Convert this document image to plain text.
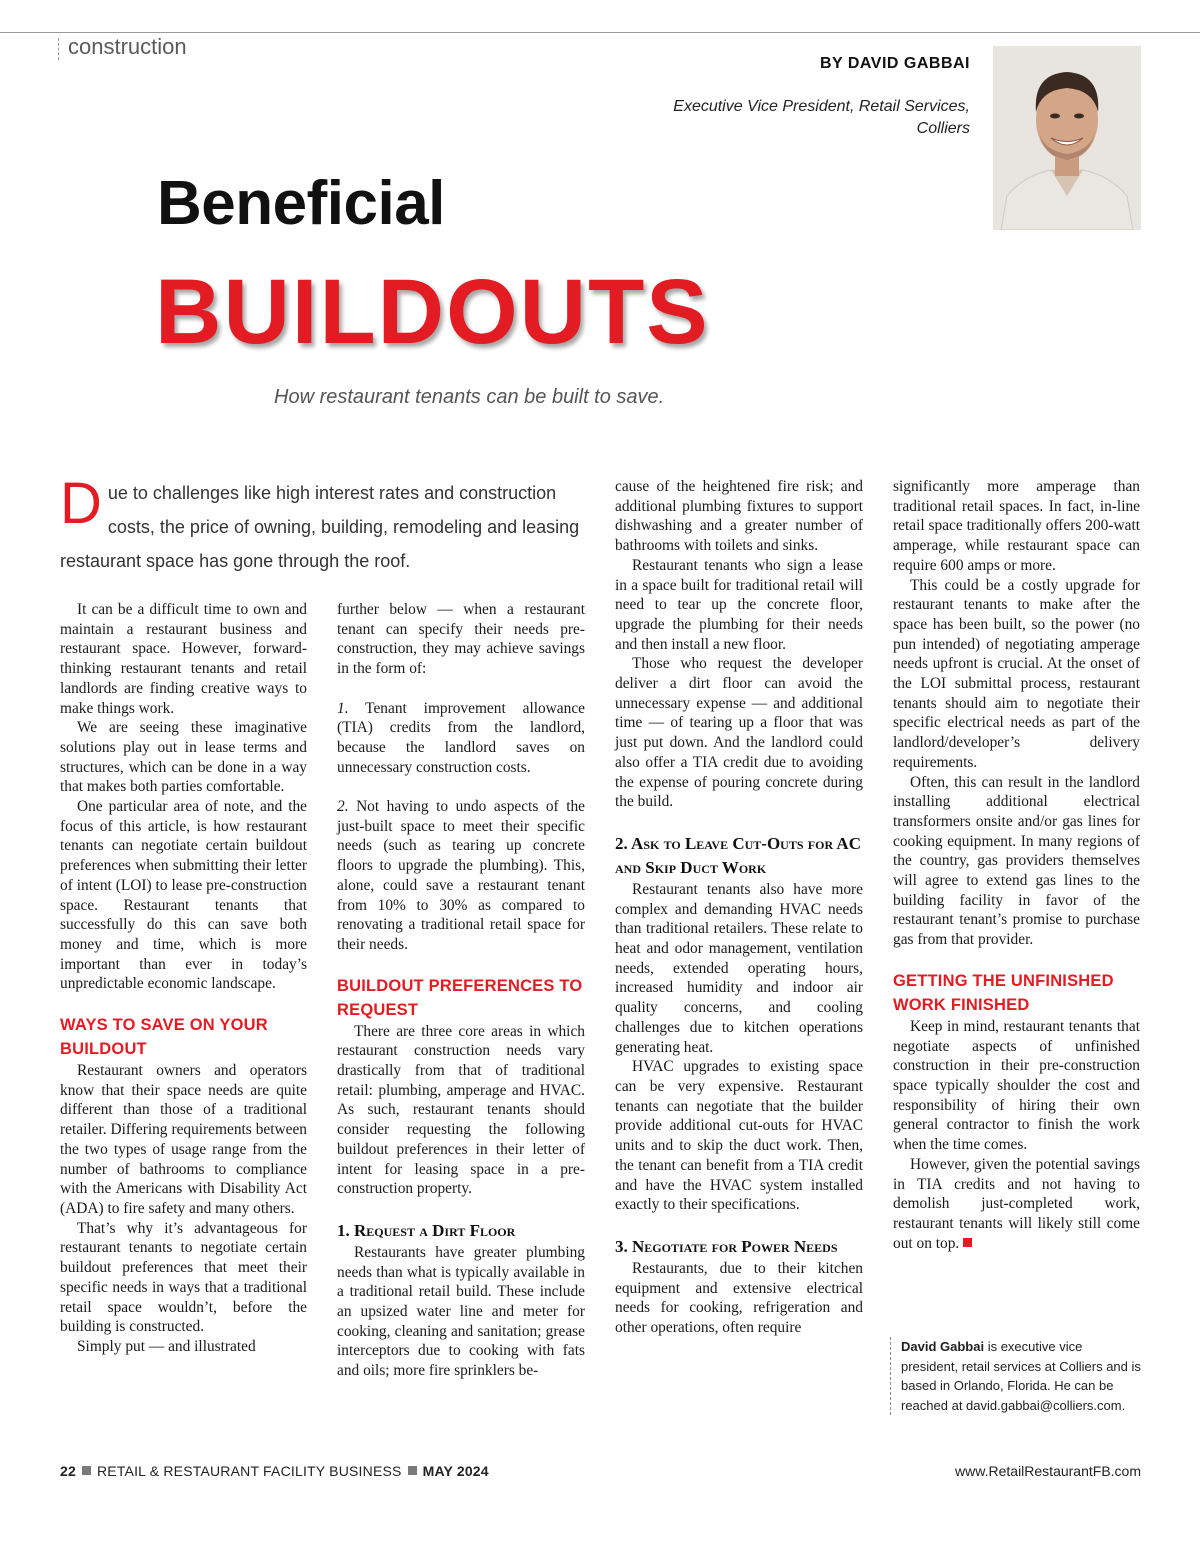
construction
BY DAVID GABBAI
Executive Vice President, Retail Services,
Colliers
Beneficial
BUILDOUTS
How restaurant tenants can be built to save.
Due to challenges like high interest rates and construction costs, the price of owning, building, remodeling and leasing restaurant space has gone through the roof.

It can be a difficult time to own and maintain a restaurant business and restaurant space. However, forward-thinking restaurant tenants and retail landlords are finding creative ways to make things work.

We are seeing these imaginative solutions play out in lease terms and structures, which can be done in a way that makes both parties comfortable.

One particular area of note, and the focus of this article, is how restaurant tenants can negotiate certain buildout preferences when submitting their letter of intent (LOI) to lease pre-construction space. Restaurant tenants that successfully do this can save both money and time, which is more important than ever in today’s unpredictable economic landscape.

WAYS TO SAVE ON YOUR BUILDOUT

Restaurant owners and operators know that their space needs are quite different than those of a traditional retailer. Differing requirements between the two types of usage range from the number of bathrooms to compliance with the Americans with Disability Act (ADA) to fire safety and many others.

That’s why it’s advantageous for restaurant tenants to negotiate certain buildout preferences that meet their specific needs in ways that a traditional retail space wouldn’t, before the building is constructed.

Simply put — and illustrated

further below — when a restaurant tenant can specify their needs pre-construction, they may achieve savings in the form of:

1. Tenant improvement allowance (TIA) credits from the landlord, because the landlord saves on unnecessary construction costs.

2. Not having to undo aspects of the just-built space to meet their specific needs (such as tearing up concrete floors to upgrade the plumbing). This, alone, could save a restaurant tenant from 10% to 30% as compared to renovating a traditional retail space for their needs.

BUILDOUT PREFERENCES TO REQUEST

There are three core areas in which restaurant construction needs vary drastically from that of traditional retail: plumbing, amperage and HVAC. As such, restaurant tenants should consider requesting the following buildout preferences in their letter of intent for leasing space in a pre-construction property.

1. Request a Dirt Floor

Restaurants have greater plumbing needs than what is typically available in a traditional retail build. These include an upsized water line and meter for cooking, cleaning and sanitation; grease interceptors due to cooking with fats and oils; more fire sprinklers be-

cause of the heightened fire risk; and additional plumbing fixtures to support dishwashing and a greater number of bathrooms with toilets and sinks.

Restaurant tenants who sign a lease in a space built for traditional retail will need to tear up the concrete floor, upgrade the plumbing for their needs and then install a new floor.

Those who request the developer deliver a dirt floor can avoid the unnecessary expense — and additional time — of tearing up a floor that was just put down. And the landlord could also offer a TIA credit due to avoiding the expense of pouring concrete during the build.

2. Ask to Leave Cut-Outs for AC and Skip Duct Work

Restaurant tenants also have more complex and demanding HVAC needs than traditional retailers. These relate to heat and odor management, ventilation needs, extended operating hours, increased humidity and indoor air quality concerns, and cooling challenges due to kitchen operations generating heat.

HVAC upgrades to existing space can be very expensive. Restaurant tenants can negotiate that the builder provide additional cut-outs for HVAC units and to skip the duct work. Then, the tenant can benefit from a TIA credit and have the HVAC system installed exactly to their specifications.

3. Negotiate for Power Needs

Restaurants, due to their kitchen equipment and extensive electrical needs for cooking, refrigeration and other operations, often require

significantly more amperage than traditional retail spaces. In fact, in-line retail space traditionally offers 200-watt amperage, while restaurant space can require 600 amps or more.

This could be a costly upgrade for restaurant tenants to make after the space has been built, so the power (no pun intended) of negotiating amperage needs upfront is crucial. At the onset of the LOI submittal process, restaurant tenants should aim to negotiate their specific electrical needs as part of the landlord/developer’s delivery requirements.

Often, this can result in the landlord installing additional electrical transformers onsite and/or gas lines for cooking equipment. In many regions of the country, gas providers themselves will agree to extend gas lines to the building facility in favor of the restaurant tenant’s promise to purchase gas from that provider.

GETTING THE UNFINISHED WORK FINISHED

Keep in mind, restaurant tenants that negotiate aspects of unfinished construction in their pre-construction space typically shoulder the cost and responsibility of hiring their own general contractor to finish the work when the time comes.

However, given the potential savings in TIA credits and not having to demolish just-completed work, restaurant tenants will likely still come out on top.

David Gabbai is executive vice president, retail services at Colliers and is based in Orlando, Florida. He can be reached at david.gabbai@colliers.com.
22 RETAIL & RESTAURANT FACILITY BUSINESS MAY 2024	www.RetailRestaurantFB.com
